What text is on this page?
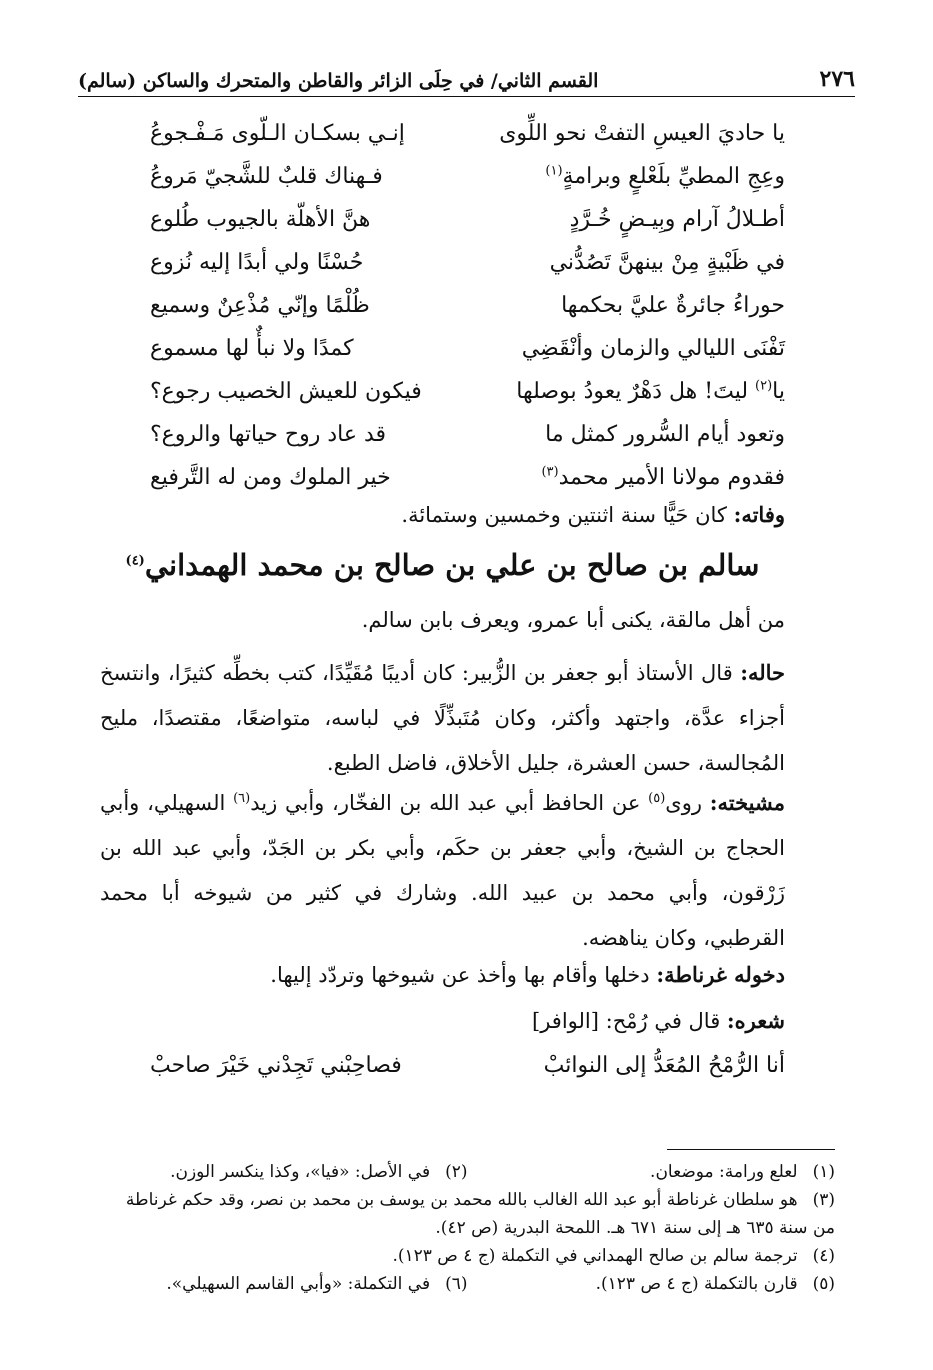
٢٧٦
القسم الثاني/ في حِلَى الزائر والقاطن والمتحرك والساكن (سالم)
يا حاديَ العيسِ التفتْ نحو اللِّوى
إنـي بسكـان الـلّوى مَـفْـجوعُ
وعِجِ المطيِّ بلَعْلعٍ وبرامةٍ$^{(١)}$
فـهناك قلبٌ للشَّجيّ مَروعُ
أطـلالُ آرام وبِيـضٍ خُـرَّدٍ
هنَّ الأهلّة بالجيوب طُلوع
في ظَبْيةٍ مِنْ بينهنَّ تَصُدُّني
حُسْنًا ولي أبدًا إليه نُزوع
حوراءُ جائرةٌ عليَّ بحكمها
ظُلْمًا وإنّي مُذْعِنٌ وسميع
تَفْنَى الليالي والزمان وأنْقَضِي
كمدًا ولا نبأٌ لها مسموع
يا$^{(٢)}$ ليتَ! هل دَهْرٌ يعودُ بوصلها
فيكون للعيش الخصيب رجوع؟
وتعود أيام السُّرور كمثل ما
قد عاد روح حياتها والروع؟
فقدوم مولانا الأمير محمد$^{(٣)}$
خير الملوك ومن له التَّرفيع
وفاته: كان حَيًّا سنة اثنتين وخمسين وستمائة.
سالم بن صالح بن علي بن صالح بن محمد الهمداني$^{(٤)}$
من أهل مالقة، يكنى أبا عمرو، ويعرف بابن سالم.
حاله: قال الأستاذ أبو جعفر بن الزُّبير: كان أديبًا مُقَيِّدًا، كتب بخطِّه كثيرًا، وانتسخ أجزاء عدَّة، واجتهد وأكثر، وكان مُتَبذِّلًا في لباسه، متواضعًا، مقتصدًا، مليح المُجالسة، حسن العشرة، جليل الأخلاق، فاضل الطبع.
مشيخته: روى$^{(٥)}$ عن الحافظ أبي عبد الله بن الفخّار، وأبي زيد$^{(٦)}$ السهيلي، وأبي الحجاج بن الشيخ، وأبي جعفر بن حكَم، وأبي بكر بن الجَدّ، وأبي عبد الله بن زَرْقون، وأبي محمد بن عبيد الله. وشارك في كثير من شيوخه أبا محمد القرطبي، وكان يناهضه.
دخوله غرناطة: دخلها وأقام بها وأخذ عن شيوخها وتردّد إليها.
شعره: قال في رُمْح: [الوافر]
أنا الرُّمْحُ المُعَدُّ إلى النوائبْ
فصاحِبْني تَجِدْني خَيْرَ صاحبْ
(١) لعلع ورامة: موضعان.
(٢) في الأصل: «فيا»، وكذا ينكسر الوزن.
(٣) هو سلطان غرناطة أبو عبد الله الغالب بالله محمد بن يوسف بن محمد بن نصر، وقد حكم غرناطة من سنة ٦٣٥ هـ إلى سنة ٦٧١ هـ. اللمحة البدرية (ص ٤٢).
(٤) ترجمة سالم بن صالح الهمداني في التكملة (ج ٤ ص ١٢٣).
(٥) قارن بالتكملة (ج ٤ ص ١٢٣).
(٦) في التكملة: «وأبي القاسم السهيلي».
